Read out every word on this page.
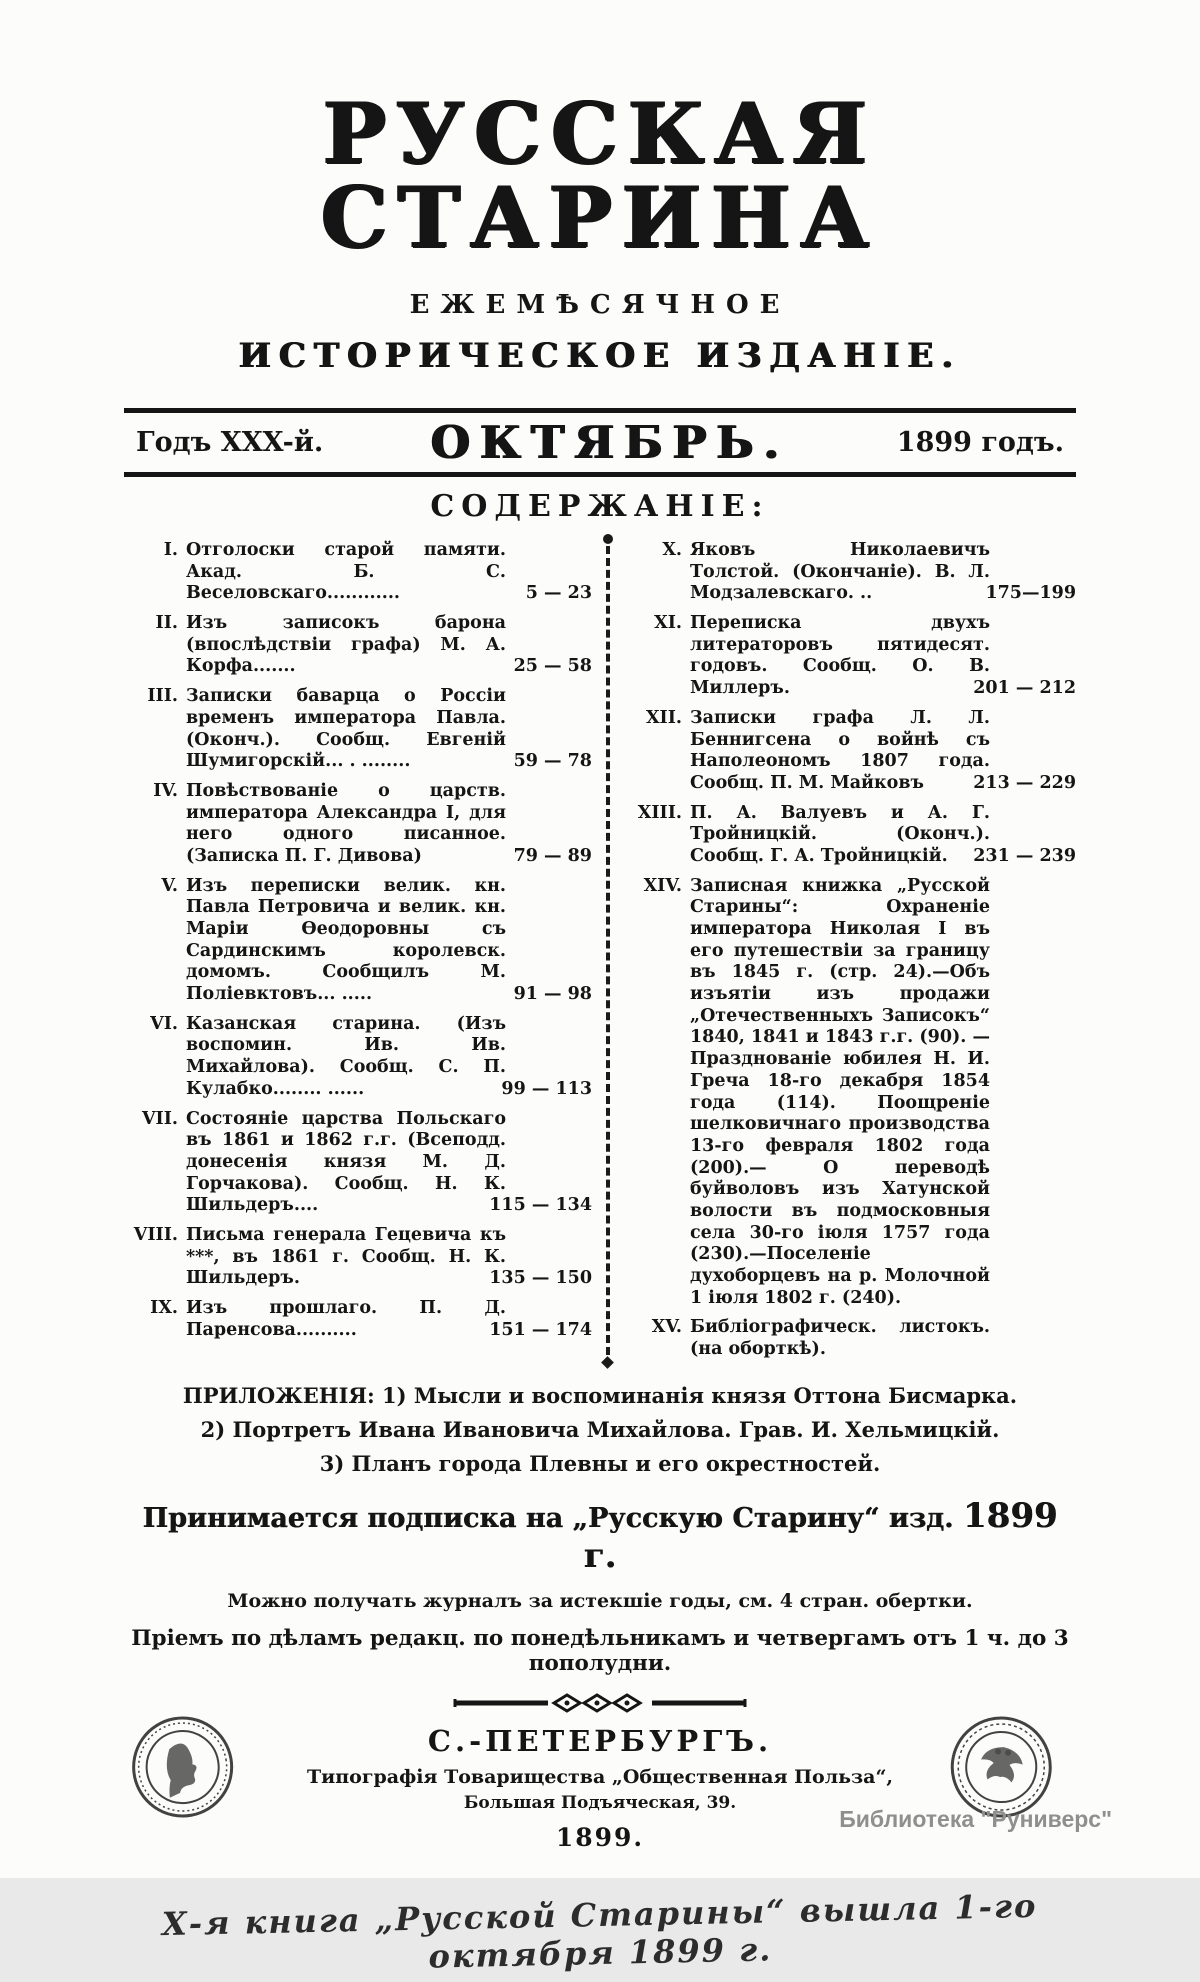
РУССКАЯ СТАРИНА
ЕЖЕМѢСЯЧНОЕ
ИСТОРИЧЕСКОЕ ИЗДАНІЕ.
Годъ XXX-й. ОКТЯБРЬ.	1899 годъ.
СОДЕРЖАНІЕ:
I. Отголоски старой памяти. Акад. Б. С. Веселовскаго............	5 — 23
II. Изъ записокъ барона (впослѣдствіи графа) М. А. Корфа.......	25 — 58
III. Записки баварца о Россіи временъ императора Павла. (Оконч.). Сообщ. Евгеній Шумигорскій... . ........	59 — 78
IV. Повѣствованіе о царств. императора Александра I, для него одного писанное. (Записка П. Г. Дивова)	79 — 89
V. Изъ переписки велик. кн. Павла Петровича и велик. кн. Маріи Ѳеодоровны съ Сардинскимъ королевск. домомъ. Сообщилъ М. Поліевктовъ... .....	91 — 98
VI. Казанская старина. (Изъ воспомин. Ив. Ив. Михайлова). Сообщ. С. П. Кулабко........ ......	99 — 113
VII. Состояніе царства Польскаго въ 1861 и 1862 г.г. (Всеподд. донесенія князя М. Д. Горчакова). Сообщ. Н. К. Шильдеръ....	115 — 134
VIII. Письма генерала Гецевича къ ***, въ 1861 г. Сообщ. Н. К. Шильдеръ.	135 — 150
IX. Изъ прошлаго. П. Д. Паренсова..........	151 — 174
X. Яковъ Николаевичъ Толстой. (Окончаніе). В. Л. Модзалевскаго. ..	175—199
XI. Переписка двухъ литераторовъ пятидесят. годовъ. Сообщ. О. В. Миллеръ.	201 — 212
XII. Записки графа Л. Л. Беннигсена о войнѣ съ Наполеономъ 1807 года. Сообщ. П. М. Майковъ	213 — 229
XIII. П. А. Валуевъ и А. Г. Тройницкій. (Оконч.). Сообщ. Г. А. Тройницкій.	231 — 239
XIV. Записная книжка „Русской Старины“: Охраненіе императора Николая I въ его путешествіи за границу въ 1845 г. (стр. 24).—Объ изъятіи изъ продажи „Отечественныхъ Записокъ“ 1840, 1841 и 1843 г.г. (90). — Празднованіе юбилея Н. И. Греча 18-го декабря 1854 года (114). Поощреніе шелковичнаго производства 13-го февраля 1802 года (200).— О переводѣ буйволовъ изъ Хатунской волости въ подмосковныя села 30-го іюля 1757 года (230).—Поселеніе духоборцевъ на р. Молочной 1 іюля 1802 г. (240).
XV. Библіографическ. листокъ. (на оборткѣ).
ПРИЛОЖЕНІЯ: 1) Мысли и воспоминанія князя Оттона Бисмарка.
2) Портретъ Ивана Ивановича Михайлова. Грав. И. Хельмицкій.
3) Планъ города Плевны и его окрестностей.
Принимается подписка на „Русскую Старину“ изд. 1899 г.
Можно получать журналъ за истекшіе годы, см. 4 стран. обертки.
Пріемъ по дѣламъ редакц. по понедѣльникамъ и четвергамъ отъ 1 ч. до 3 пополудни.
С.-ПЕТЕРБУРГЪ.
Типографія Товарищества „Общественная Польза“,
Большая Подъяческая, 39.
1899.
Х-я книга „Русской Старины“ вышла 1-го октября 1899 г.
Библиотека "Руниверс"
